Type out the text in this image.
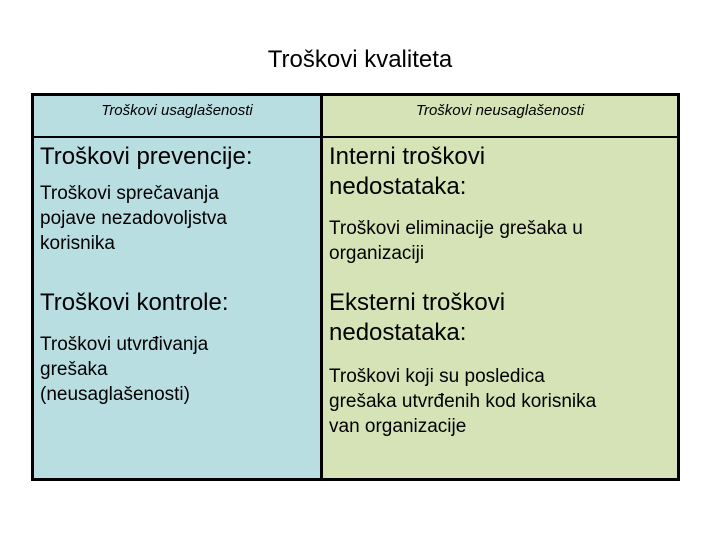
Troškovi kvaliteta
Troškovi usaglašenosti
Troškovi prevencije:
Troškovi sprečavanja
pojave nezadovoljstva
korisnika
Troškovi kontrole:
Troškovi utvrđivanja
grešaka
(neusaglašenosti)
Troškovi neusaglašenosti
Interni troškovi
nedostataka:
Troškovi eliminacije grešaka u
organizaciji
Eksterni troškovi
nedostataka:
Troškovi koji su posledica
grešaka utvrđenih kod korisnika
van organizacije
